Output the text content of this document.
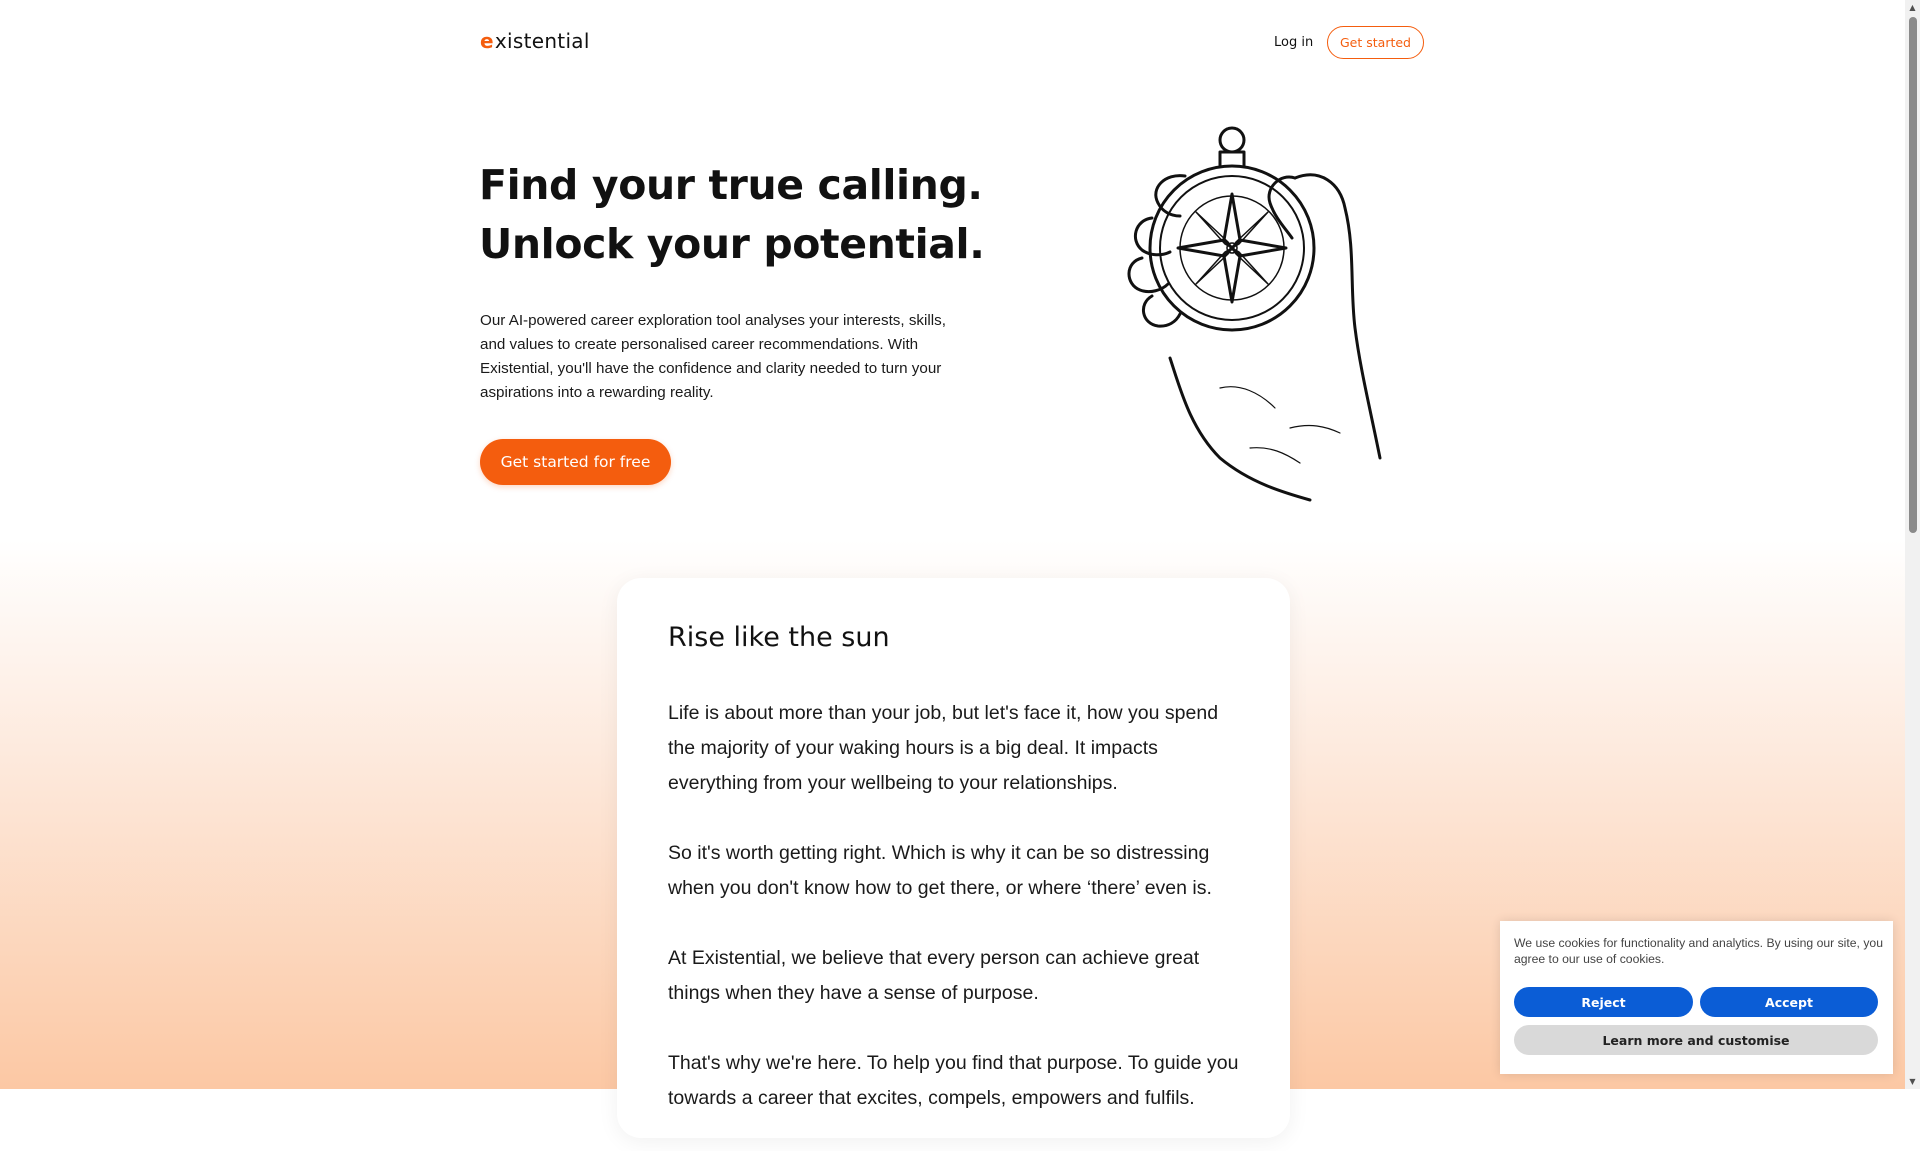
e xistential	Log in	Get started
Find your true calling.
Unlock your potential.

Our AI-powered career exploration tool analyses your interests, skills, and values to create personalised career recommendations. With Existential, you'll have the confidence and clarity needed to turn your aspirations into a rewarding reality.

Get started for free
Rise like the sun

Life is about more than your job, but let's face it, how you spend the majority of your waking hours is a big deal. It impacts everything from your wellbeing to your relationships.

So it's worth getting right. Which is why it can be so distressing when you don't know how to get there, or where ‘there’ even is.

At Existential, we believe that every person can achieve great things when they have a sense of purpose.

That's why we're here. To help you find that purpose. To guide you towards a career that excites, compels, empowers and fulfils.

We use cookies for functionality and analytics. By using our site, you agree to our use of cookies.

Reject	Accept
Learn more and customise
▲
▼
